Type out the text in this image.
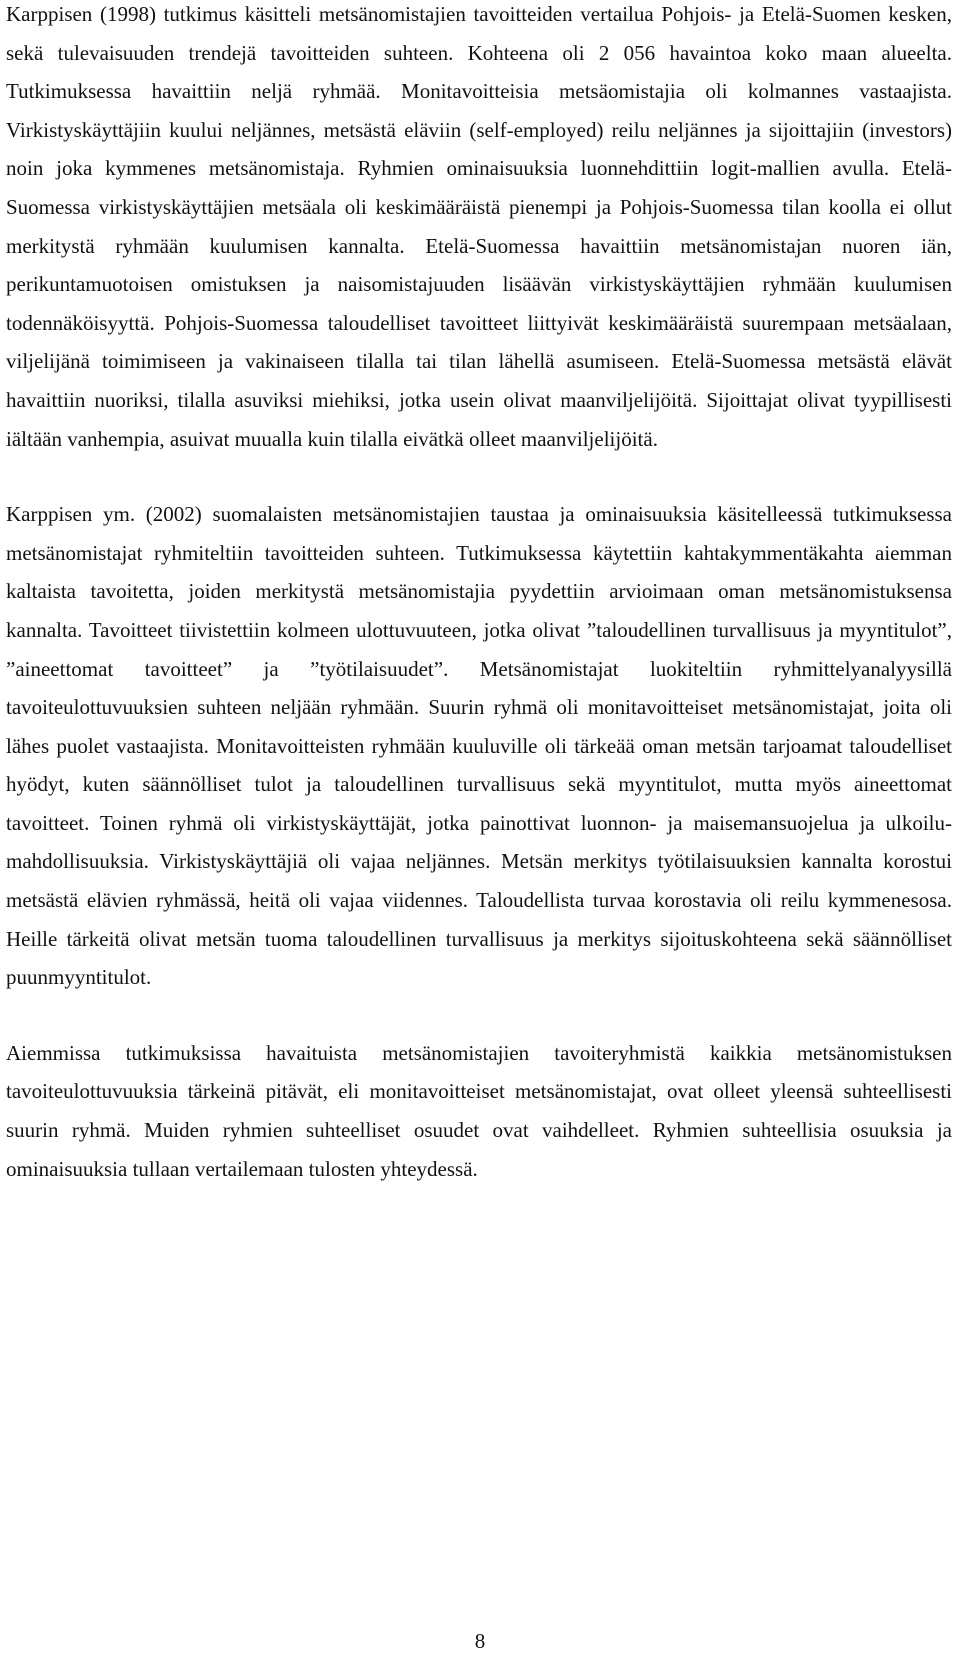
Karppisen (1998) tutkimus käsitteli metsänomistajien tavoitteiden vertailua Pohjois- ja Etelä-Suomen kesken, sekä tulevaisuuden trendejä tavoitteiden suhteen. Kohteena oli 2 056 havaintoa koko maan alueelta. Tutkimuksessa havaittiin neljä ryhmää. Monitavoitteisia metsäomistajia oli kolmannes vastaajista. Virkistyskäyttäjiin kuului neljännes, metsästä eläviin (self-employed) reilu neljännes ja sijoittajiin (investors) noin joka kymmenes metsänomistaja. Ryhmien ominaisuuksia luonnehdittiin logit-mallien avulla. Etelä-Suomessa virkistyskäyttäjien metsäala oli keskimääräistä pienempi ja Pohjois-Suomessa tilan koolla ei ollut merkitystä ryhmään kuulumisen kannalta. Etelä-Suomessa havaittiin metsänomistajan nuoren iän, perikuntamuotoisen omistuksen ja naisomistajuuden lisäävän virkistyskäyttäjien ryhmään kuulumisen todennäköisyyttä. Pohjois-Suomessa taloudelliset tavoitteet liittyivät keskimääräistä suurempaan metsäalaan, viljelijänä toimimiseen ja vakinaiseen tilalla tai tilan lähellä asumiseen. Etelä-Suomessa metsästä elävät havaittiin nuoriksi, tilalla asuviksi miehiksi, jotka usein olivat maanviljelijöitä. Sijoittajat olivat tyypillisesti iältään vanhempia, asuivat muualla kuin tilalla eivätkä olleet maanviljelijöitä.

Karppisen ym. (2002) suomalaisten metsänomistajien taustaa ja ominaisuuksia käsitelleessä tutkimuksessa metsänomistajat ryhmiteltiin tavoitteiden suhteen. Tutkimuksessa käytettiin kahtakymmentäkahta aiemman kaltaista tavoitetta, joiden merkitystä metsänomistajia pyydettiin arvioimaan oman metsänomistuksensa kannalta. Tavoitteet tiivistettiin kolmeen ulottuvuuteen, jotka olivat ”taloudellinen turvallisuus ja myyntitulot”, ”aineettomat tavoitteet” ja ”työtilaisuudet”. Metsänomistajat luokiteltiin ryhmittelyanalyysillä tavoiteulottuvuuksien suhteen neljään ryhmään. Suurin ryhmä oli monitavoitteiset metsänomistajat, joita oli lähes puolet vastaajista. Monitavoitteisten ryhmään kuuluville oli tärkeää oman metsän tarjoamat taloudelliset hyödyt, kuten säännölliset tulot ja taloudellinen turvallisuus sekä myyntitulot, mutta myös aineettomat tavoitteet. Toinen ryhmä oli virkistyskäyttäjät, jotka painottivat luonnon- ja maisemansuojelua ja ulkoilumahdollisuuksia. Virkistyskäyttäjiä oli vajaa neljännes. Metsän merkitys työtilaisuuksien kannalta korostui metsästä elävien ryhmässä, heitä oli vajaa viidennes. Taloudellista turvaa korostavia oli reilu kymmenesosa. Heille tärkeitä olivat metsän tuoma taloudellinen turvallisuus ja merkitys sijoituskohteena sekä säännölliset puunmyyntitulot.

Aiemmissa tutkimuksissa havaituista metsänomistajien tavoiteryhmistä kaikkia metsänomistuksen tavoiteulottuvuuksia tärkeinä pitävät, eli monitavoitteiset metsänomistajat, ovat olleet yleensä suhteellisesti suurin ryhmä. Muiden ryhmien suhteelliset osuudet ovat vaihdelleet. Ryhmien suhteellisia osuuksia ja ominaisuuksia tullaan vertailemaan tulosten yhteydessä.

8
